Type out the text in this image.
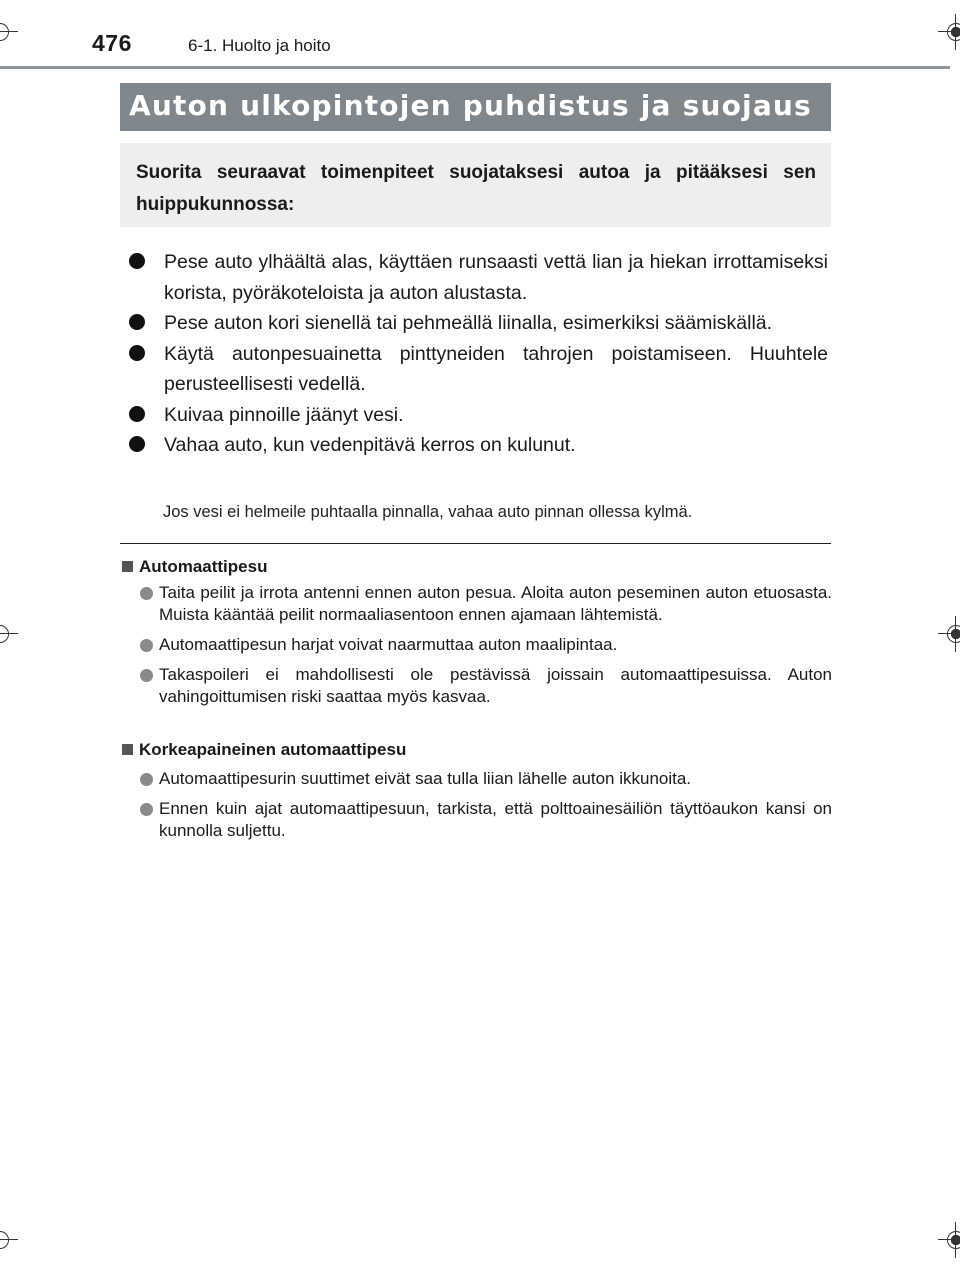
476	6-1. Huolto ja hoito
Auton ulkopintojen puhdistus ja suojaus

Suorita seuraavat toimenpiteet suojataksesi autoa ja pitääksesi sen huippukunnossa:

Pese auto ylhäältä alas, käyttäen runsaasti vettä lian ja hiekan irrottamiseksi korista, pyöräkoteloista ja auton alustasta.
Pese auton kori sienellä tai pehmeällä liinalla, esimerkiksi säämiskällä.
Käytä autonpesuainetta pinttyneiden tahrojen poistamiseen. Huuhtele perusteellisesti vedellä.
Kuivaa pinnoille jäänyt vesi.
Vahaa auto, kun vedenpitävä kerros on kulunut.
Jos vesi ei helmeile puhtaalla pinnalla, vahaa auto pinnan ollessa kylmä.
Automaattipesu
Taita peilit ja irrota antenni ennen auton pesua. Aloita auton peseminen auton etuosasta. Muista kääntää peilit normaaliasentoon ennen ajamaan lähtemistä.
Automaattipesun harjat voivat naarmuttaa auton maalipintaa.
Takaspoileri ei mahdollisesti ole pestävissä joissain automaattipesuissa. Auton vahingoittumisen riski saattaa myös kasvaa.
Korkeapaineinen automaattipesu
Automaattipesurin suuttimet eivät saa tulla liian lähelle auton ikkunoita.
Ennen kuin ajat automaattipesuun, tarkista, että polttoainesäiliön täyttöaukon kansi on kunnolla suljettu.
